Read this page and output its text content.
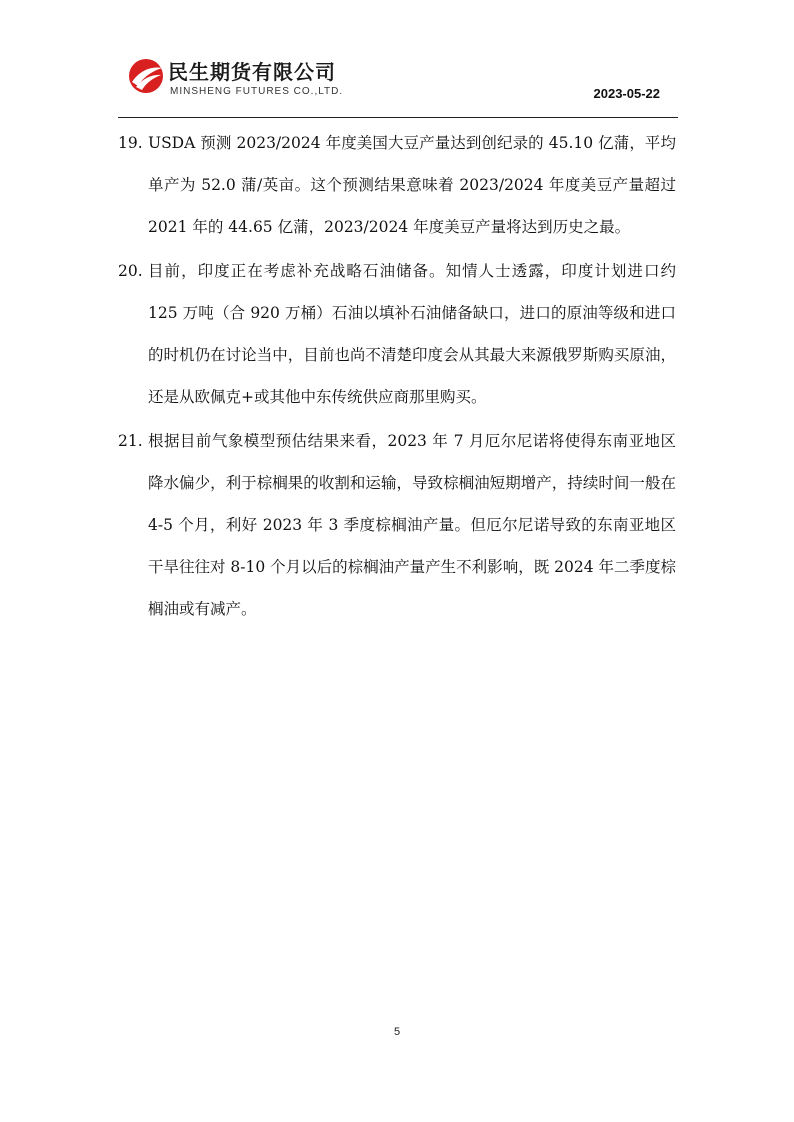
民生期货有限公司
MINSHENG FUTURES CO.,LTD.	2023-05-22
19. USDA 预测 2023/2024 年度美国大豆产量达到创纪录的 45.10 亿蒲，平均单产为 52.0 蒲/英亩。这个预测结果意味着 2023/2024 年度美豆产量超过 2021 年的 44.65 亿蒲，2023/2024 年度美豆产量将达到历史之最。

20. 目前，印度正在考虑补充战略石油储备。知情人士透露，印度计划进口约 125 万吨（合 920 万桶）石油以填补石油储备缺口，进口的原油等级和进口的时机仍在讨论当中，目前也尚不清楚印度会从其最大来源俄罗斯购买原油，还是从欧佩克+或其他中东传统供应商那里购买。

21. 根据目前气象模型预估结果来看，2023 年 7 月厄尔尼诺将使得东南亚地区降水偏少，利于棕榈果的收割和运输，导致棕榈油短期增产，持续时间一般在 4-5 个月，利好 2023 年 3 季度棕榈油产量。但厄尔尼诺导致的东南亚地区干旱往往对 8-10 个月以后的棕榈油产量产生不利影响，既 2024 年二季度棕榈油或有减产。

5
